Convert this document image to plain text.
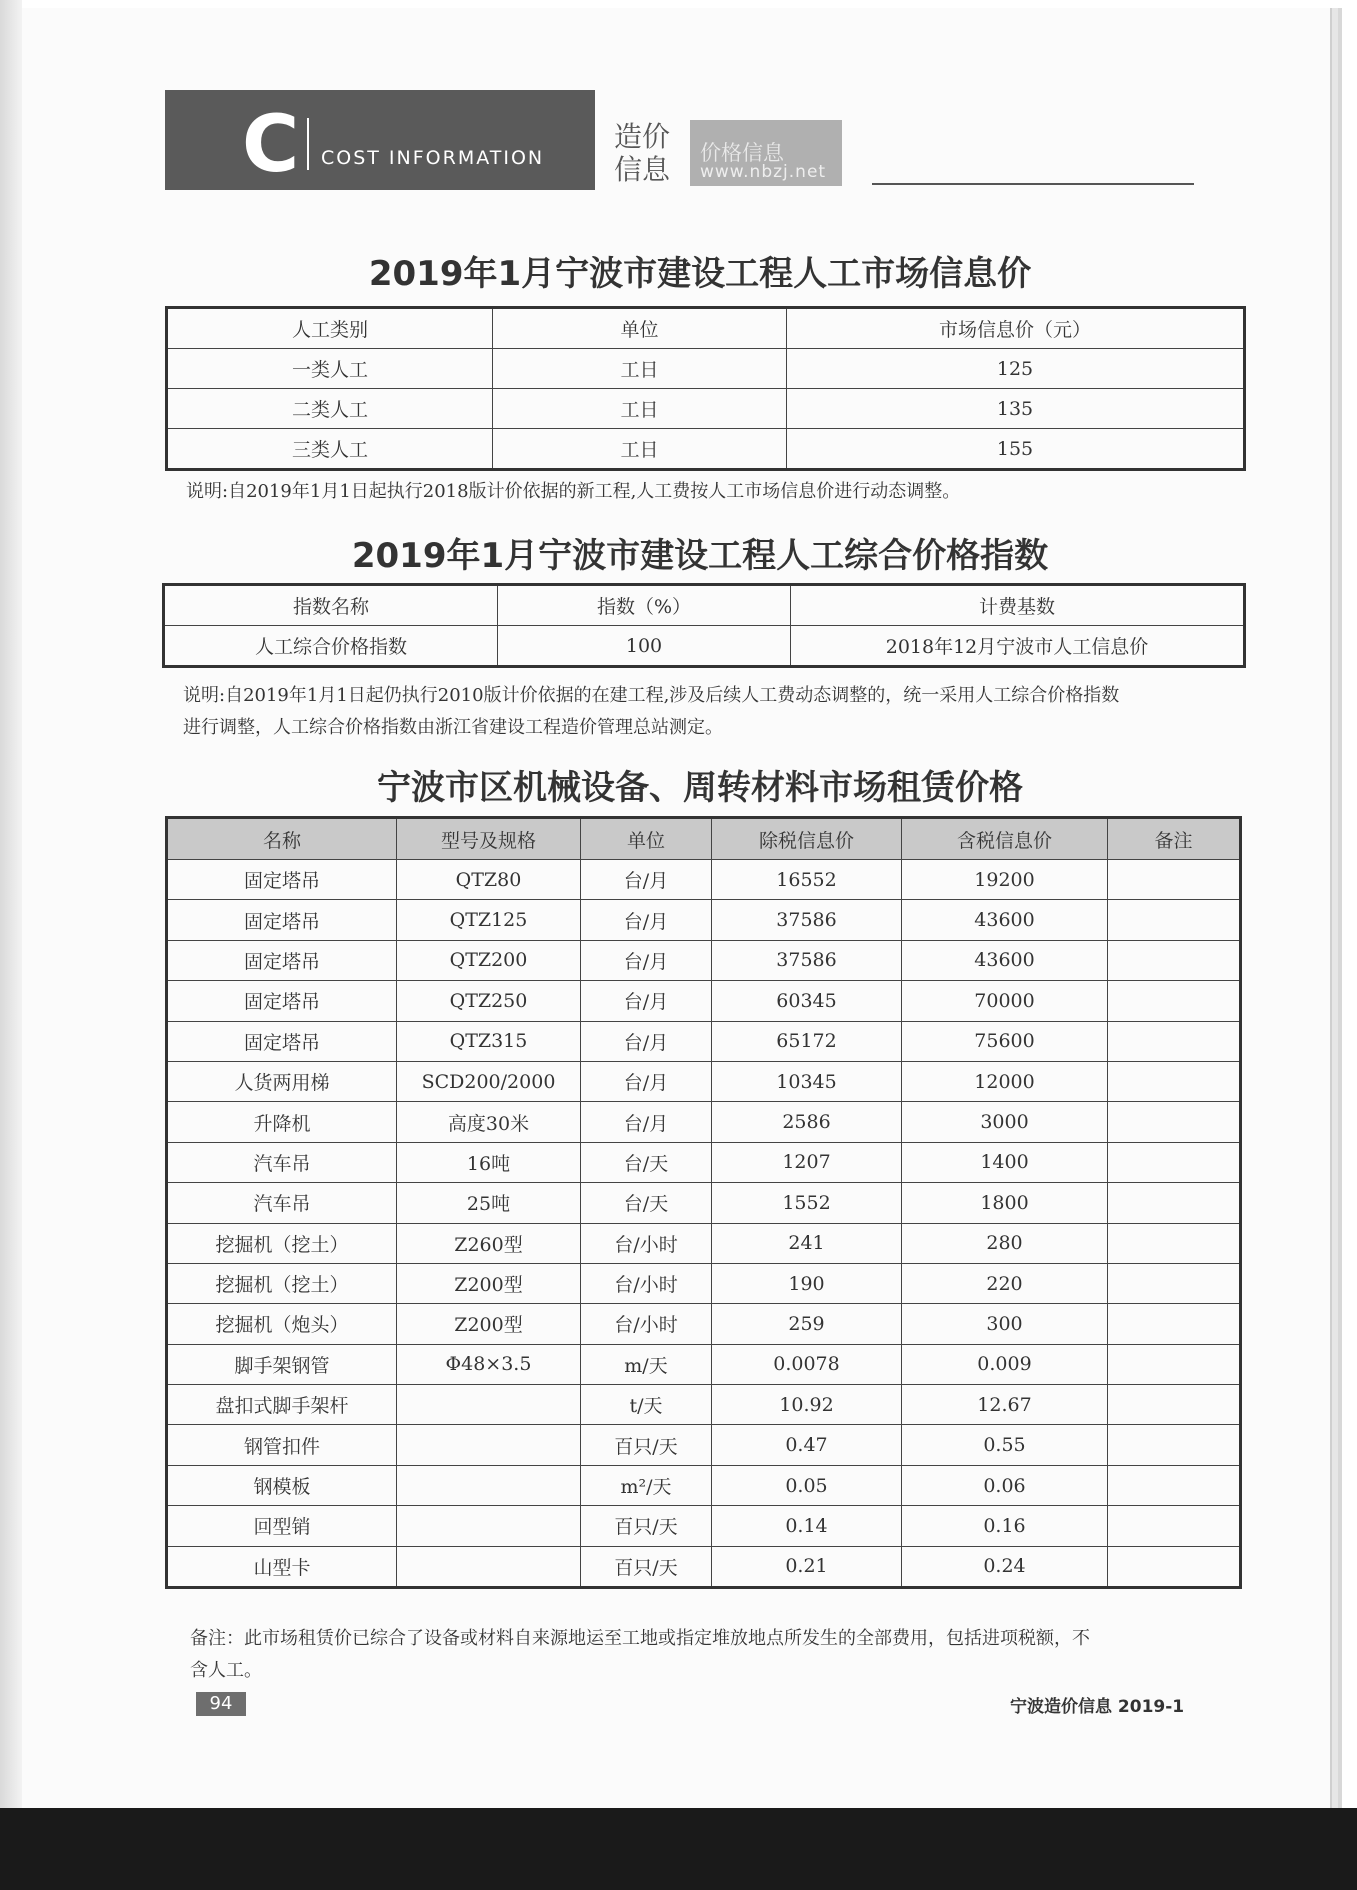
C COST INFORMATION
造价信息 价格信息
www.nbzj.net
2019年1月宁波市建设工程人工市场信息价
人工类别	单位	市场信息价（元）
一类人工	工日	125
二类人工	工日	135
三类人工	工日	155
说明:自2019年1月1日起执行2018版计价依据的新工程,人工费按人工市场信息价进行动态调整。
2019年1月宁波市建设工程人工综合价格指数
指数名称	指数（%）	计费基数
人工综合价格指数	100	2018年12月宁波市人工信息价
说明:自2019年1月1日起仍执行2010版计价依据的在建工程,涉及后续人工费动态调整的，统一采用人工综合价格指数
进行调整，人工综合价格指数由浙江省建设工程造价管理总站测定。
宁波市区机械设备、周转材料市场租赁价格
名称	型号及规格	单位	除税信息价	含税信息价	备注
固定塔吊	QTZ80	台/月	16552	19200	
固定塔吊	QTZ125	台/月	37586	43600	
固定塔吊	QTZ200	台/月	37586	43600	
固定塔吊	QTZ250	台/月	60345	70000	
固定塔吊	QTZ315	台/月	65172	75600	
人货两用梯	SCD200/2000	台/月	10345	12000	
升降机	高度30米	台/月	2586	3000	
汽车吊	16吨	台/天	1207	1400	
汽车吊	25吨	台/天	1552	1800	
挖掘机（挖土）	Z260型	台/小时	241	280	
挖掘机（挖土）	Z200型	台/小时	190	220	
挖掘机（炮头）	Z200型	台/小时	259	300	
脚手架钢管	Φ48×3.5	m/天	0.0078	0.009	
盘扣式脚手架杆		t/天	10.92	12.67	
钢管扣件		百只/天	0.47	0.55	
钢模板		m²/天	0.05	0.06	
回型销		百只/天	0.14	0.16	
山型卡		百只/天	0.21	0.24	
备注：此市场租赁价已综合了设备或材料自来源地运至工地或指定堆放地点所发生的全部费用，包括进项税额，不
含人工。
94	宁波造价信息 2019-1
